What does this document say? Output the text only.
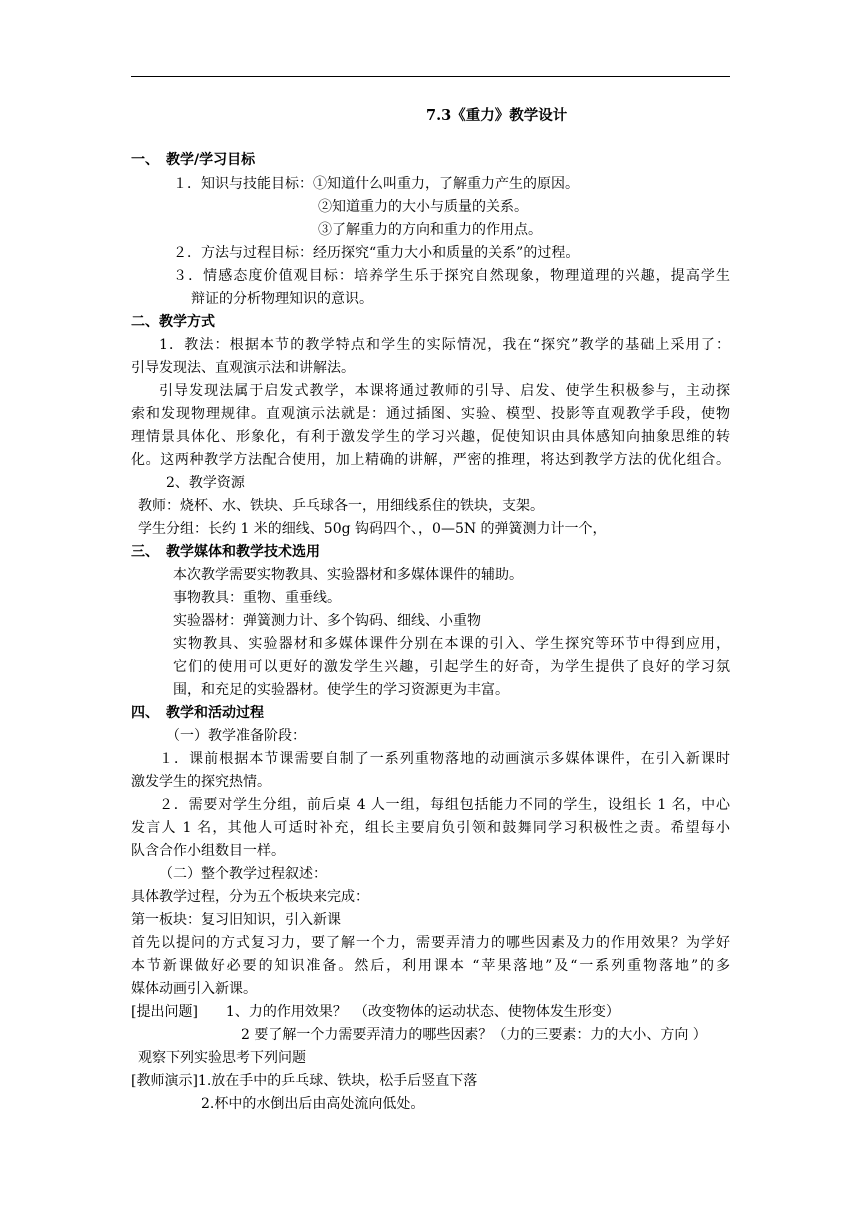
7.3《重力》教学设计
一、　教学/学习目标
１．知识与技能目标：①知道什么叫重力，了解重力产生的原因。
②知道重力的大小与质量的关系。
③了解重力的方向和重力的作用点。
２．方法与过程目标：经历探究“重力大小和质量的关系”的过程。
３．情感态度价值观目标：培养学生乐于探究自然现象，物理道理的兴趣，提高学生
辩证的分析物理知识的意识。
二、教学方式
1．教法：根据本节的教学特点和学生的实际情况，我在“探究”教学的基础上采用了：
引导发现法、直观演示法和讲解法。
引导发现法属于启发式教学，本课将通过教师的引导、启发、使学生积极参与，主动探
索和发现物理规律。直观演示法就是：通过插图、实验、模型、投影等直观教学手段，使物
理情景具体化、形象化，有利于激发学生的学习兴趣，促使知识由具体感知向抽象思维的转
化。这两种教学方法配合使用，加上精确的讲解，严密的推理，将达到教学方法的优化组合。
2、教学资源
教师：烧杯、水、铁块、乒乓球各一，用细线系住的铁块，支架。
学生分组：长约 1 米的细线、50g 钩码四个、，0—5N 的弹簧测力计一个，
三、　教学媒体和教学技术选用
本次教学需要实物教具、实验器材和多媒体课件的辅助。
事物教具：重物、重垂线。
实验器材：弹簧测力计、多个钩码、细线、小重物
实物教具、实验器材和多媒体课件分别在本课的引入、学生探究等环节中得到应用，
它们的使用可以更好的激发学生兴趣，引起学生的好奇，为学生提供了良好的学习氛
围，和充足的实验器材。使学生的学习资源更为丰富。
四、　教学和活动过程
（一）教学准备阶段：
１．课前根据本节课需要自制了一系列重物落地的动画演示多媒体课件，在引入新课时
激发学生的探究热情。
２．需要对学生分组，前后桌 4 人一组，每组包括能力不同的学生，设组长 1 名，中心
发言人 1 名，其他人可适时补充，组长主要肩负引领和鼓舞同学习积极性之责。希望每小
队含合作小组数目一样。
（二）整个教学过程叙述：
具体教学过程，分为五个板块来完成：
第一板块：复习旧知识，引入新课
首先以提问的方式复习力，要了解一个力，需要弄清力的哪些因素及力的作用效果？为学好
本节新课做好必要的知识准备。然后，利用课本 “苹果落地”及“一系列重物落地”的多
媒体动画引入新课。
[提出问题]　　1、力的作用效果？　（改变物体的运动状态、使物体发生形变）
2 要了解一个力需要弄清力的哪些因素？（力的三要素：力的大小、方向 ）
观察下列实验思考下列问题
[教师演示]1.放在手中的乒乓球、铁块，松手后竖直下落
2.杯中的水倒出后由高处流向低处。
